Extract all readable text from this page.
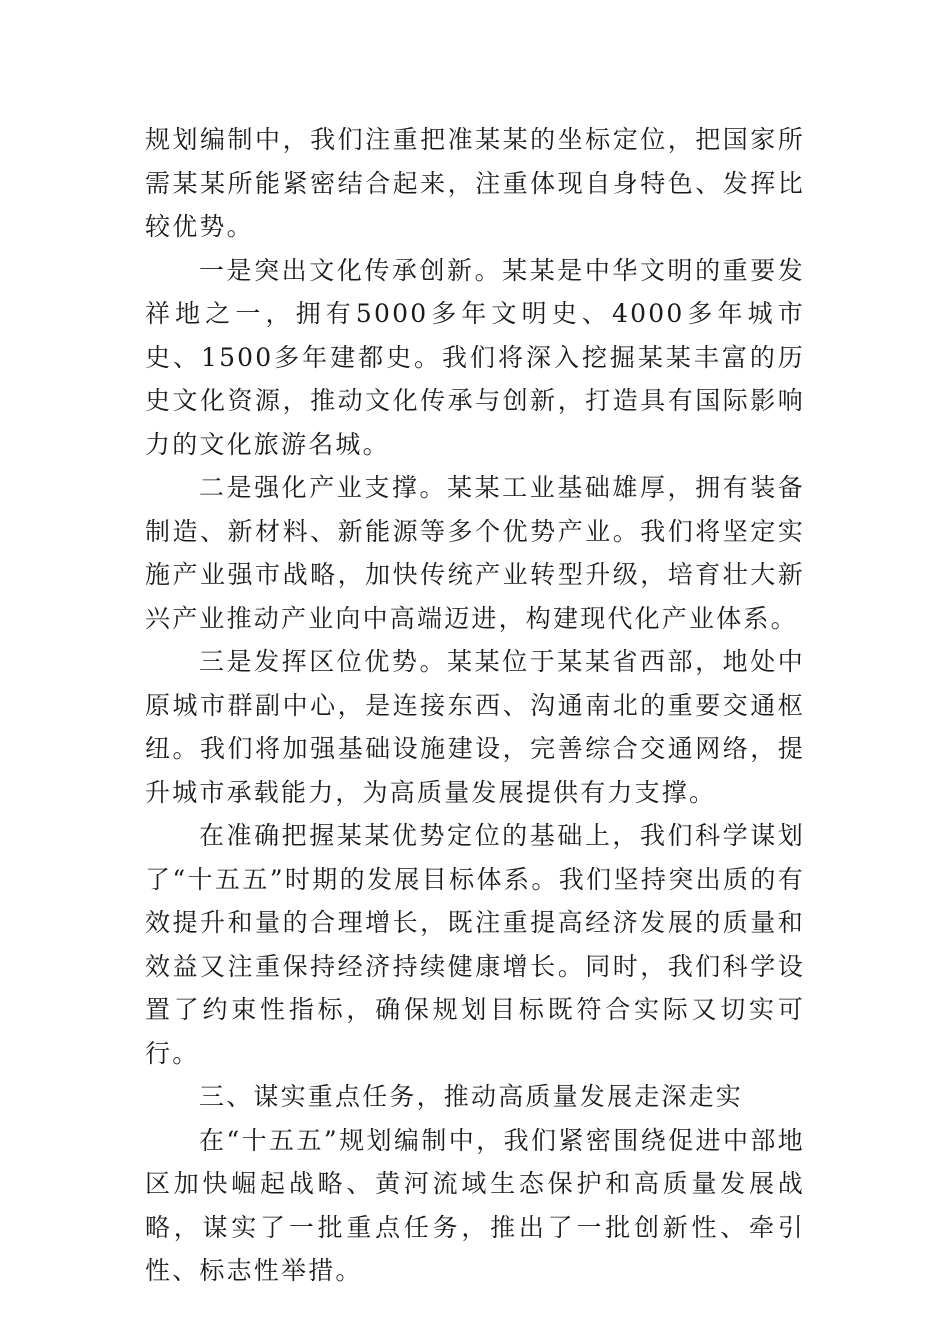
规划编制中，我们注重把准某某的坐标定位，把国家所需某某所能紧密结合起来，注重体现自身特色、发挥比较优势。

一是突出文化传承创新。某某是中华文明的重要发祥地之一，拥有5000多年文明史、4000多年城市史、1500多年建都史。我们将深入挖掘某某丰富的历史文化资源，推动文化传承与创新，打造具有国际影响力的文化旅游名城。

二是强化产业支撑。某某工业基础雄厚，拥有装备制造、新材料、新能源等多个优势产业。我们将坚定实施产业强市战略，加快传统产业转型升级，培育壮大新兴产业推动产业向中高端迈进，构建现代化产业体系。

三是发挥区位优势。某某位于某某省西部，地处中原城市群副中心，是连接东西、沟通南北的重要交通枢纽。我们将加强基础设施建设，完善综合交通网络，提升城市承载能力，为高质量发展提供有力支撑。

在准确把握某某优势定位的基础上，我们科学谋划了“十五五”时期的发展目标体系。我们坚持突出质的有效提升和量的合理增长，既注重提高经济发展的质量和效益又注重保持经济持续健康增长。同时，我们科学设置了约束性指标，确保规划目标既符合实际又切实可行。

三、谋实重点任务，推动高质量发展走深走实

在“十五五”规划编制中，我们紧密围绕促进中部地区加快崛起战略、黄河流域生态保护和高质量发展战略，谋实了一批重点任务，推出了一批创新性、牵引性、标志性举措。
